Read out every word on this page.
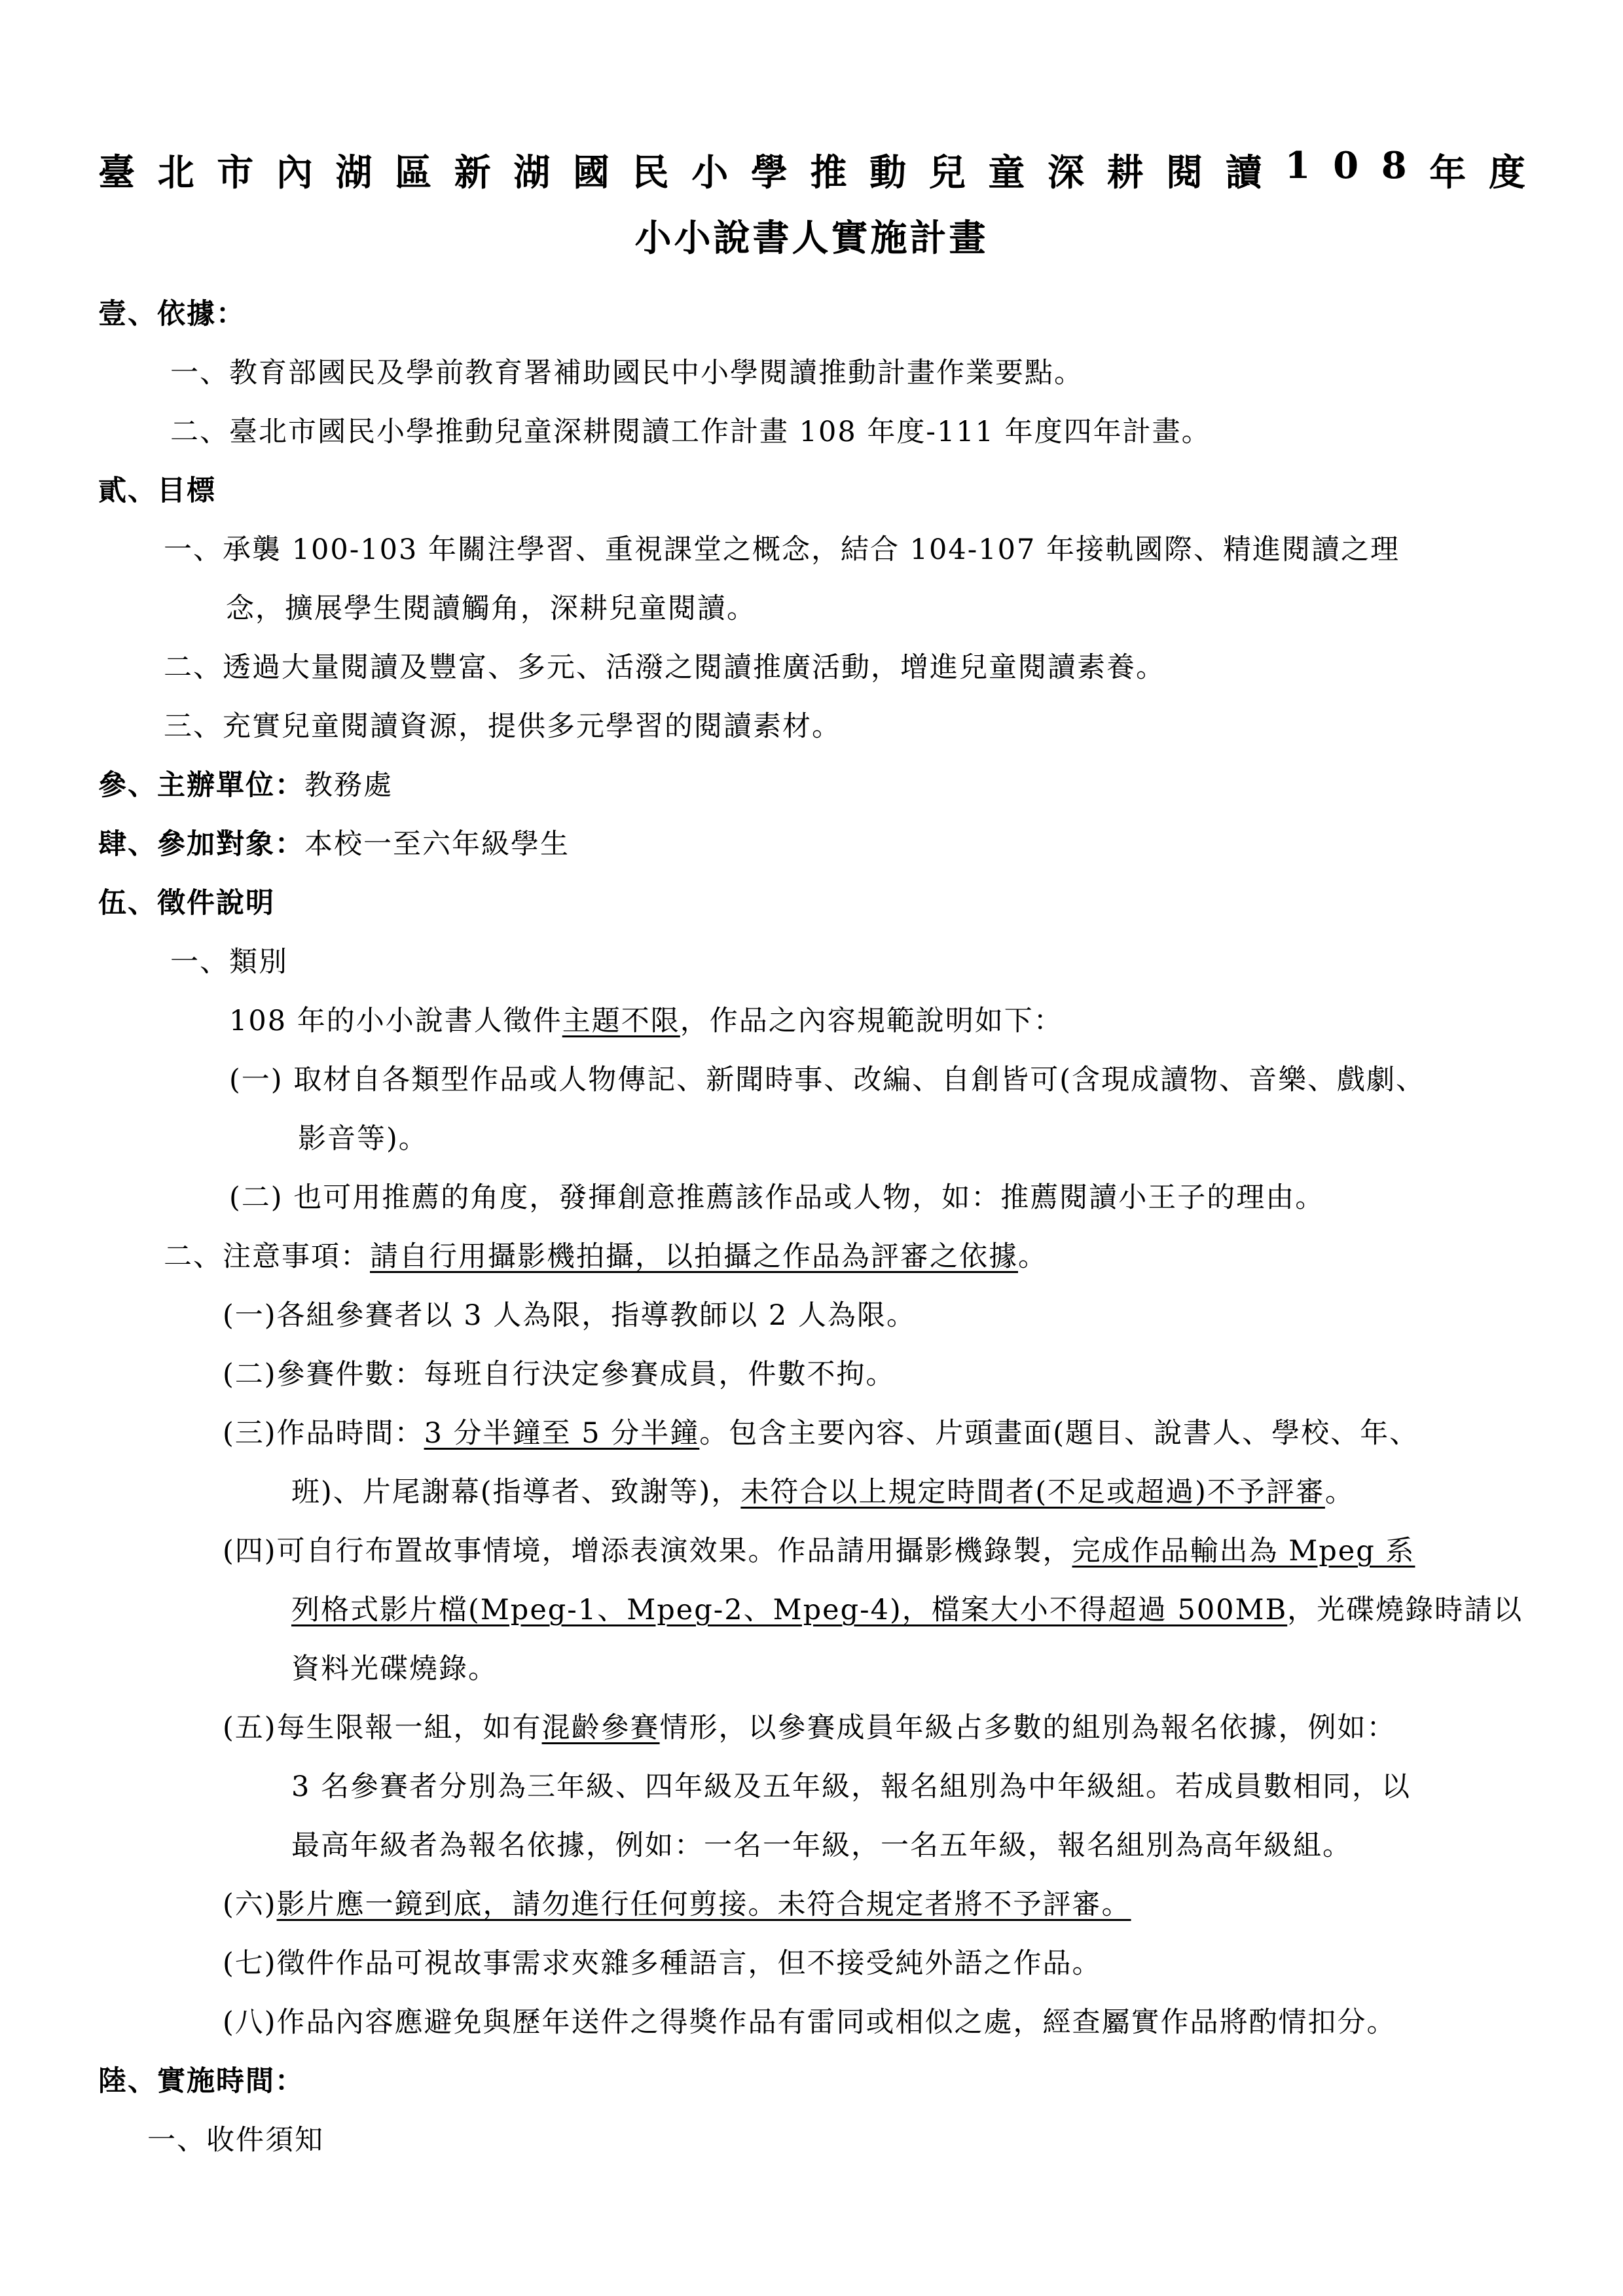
臺 北 市 內 湖 區 新 湖 國 民 小 學 推 動 兒 童 深 耕 閱 讀 1 0 8 年 度
小小說書人實施計畫
壹、依據：
一、教育部國民及學前教育署補助國民中小學閱讀推動計畫作業要點。
二、臺北市國民小學推動兒童深耕閱讀工作計畫 108 年度-111 年度四年計畫。
貳、目標
一、承襲 100-103 年關注學習、重視課堂之概念，結合 104-107 年接軌國際、精進閱讀之理
念，擴展學生閱讀觸角，深耕兒童閱讀。
二、透過大量閱讀及豐富、多元、活潑之閱讀推廣活動，增進兒童閱讀素養。
三、充實兒童閱讀資源，提供多元學習的閱讀素材。
參、主辦單位：教務處
肆、參加對象：本校一至六年級學生
伍、徵件說明
一、類別
108 年的小小說書人徵件主題不限，作品之內容規範說明如下：
(一) 取材自各類型作品或人物傳記、新聞時事、改編、自創皆可(含現成讀物、音樂、戲劇、
影音等)。
(二) 也可用推薦的角度，發揮創意推薦該作品或人物，如：推薦閱讀小王子的理由。
二、注意事項：請自行用攝影機拍攝，以拍攝之作品為評審之依據。
(一)各組參賽者以 3 人為限，指導教師以 2 人為限。
(二)參賽件數：每班自行決定參賽成員，件數不拘。
(三)作品時間：3 分半鐘至 5 分半鐘。包含主要內容、片頭畫面(題目、說書人、學校、年、
班)、片尾謝幕(指導者、致謝等)，未符合以上規定時間者(不足或超過)不予評審。
(四)可自行布置故事情境，增添表演效果。作品請用攝影機錄製，完成作品輸出為 Mpeg 系
列格式影片檔(Mpeg-1、Mpeg-2、Mpeg-4)，檔案大小不得超過 500MB，光碟燒錄時請以
資料光碟燒錄。
(五)每生限報一組，如有混齡參賽情形，以參賽成員年級占多數的組別為報名依據，例如：
3 名參賽者分別為三年級、四年級及五年級，報名組別為中年級組。若成員數相同，以
最高年級者為報名依據，例如：一名一年級，一名五年級，報名組別為高年級組。
(六)影片應一鏡到底，請勿進行任何剪接。未符合規定者將不予評審。
(七)徵件作品可視故事需求夾雜多種語言，但不接受純外語之作品。
(八)作品內容應避免與歷年送件之得獎作品有雷同或相似之處，經查屬實作品將酌情扣分。
陸、實施時間：
一、收件須知
